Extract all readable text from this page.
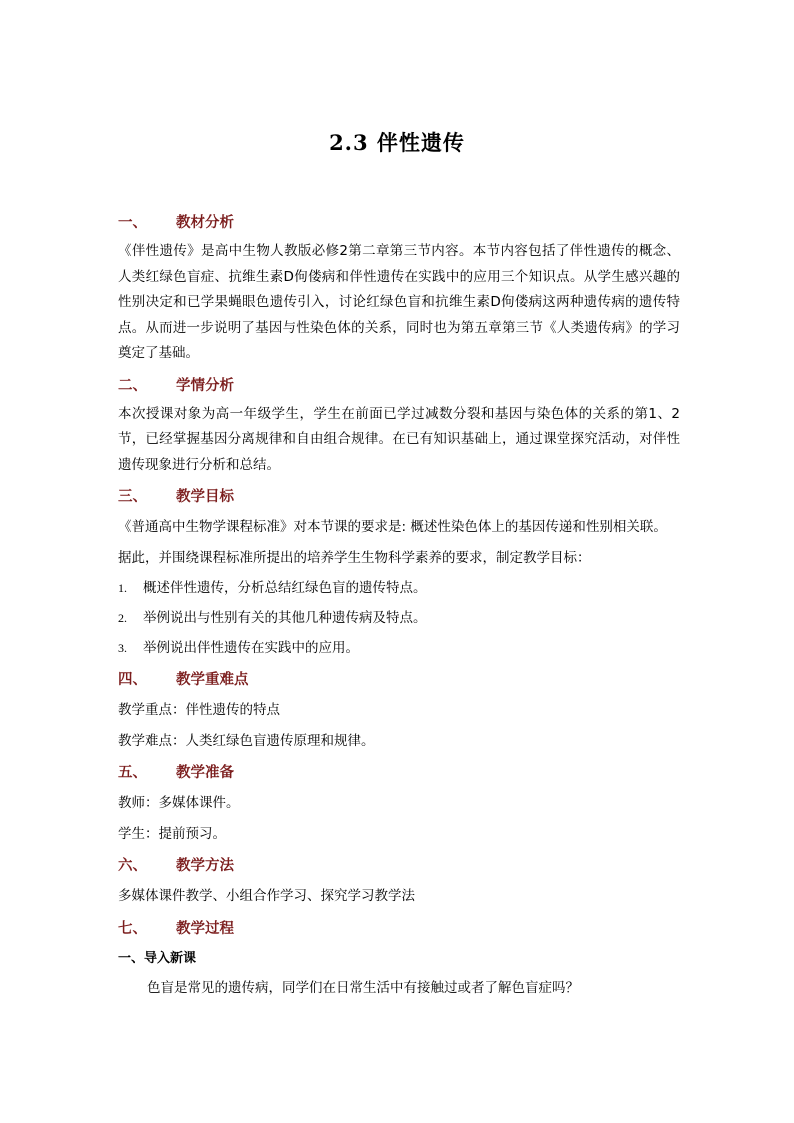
2.3 伴性遗传
一、	教材分析
《伴性遗传》是高中生物人教版必修2第二章第三节内容。本节内容包括了伴性遗传的概念、人类红绿色盲症、抗维生素D佝偻病和伴性遗传在实践中的应用三个知识点。从学生感兴趣的性别决定和已学果蝇眼色遗传引入，讨论红绿色盲和抗维生素D佝偻病这两种遗传病的遗传特点。从而进一步说明了基因与性染色体的关系，同时也为第五章第三节《人类遗传病》的学习奠定了基础。
二、	学情分析
本次授课对象为高一年级学生，学生在前面已学过减数分裂和基因与染色体的关系的第1、2节，已经掌握基因分离规律和自由组合规律。在已有知识基础上，通过课堂探究活动，对伴性遗传现象进行分析和总结。
三、	教学目标
《普通高中生物学课程标准》对本节课的要求是: 概述性染色体上的基因传递和性别相关联。
据此，并围绕课程标准所提出的培养学生生物科学素养的要求，制定教学目标：
1.	概述伴性遗传，分析总结红绿色盲的遗传特点。
2.	举例说出与性别有关的其他几种遗传病及特点。
3.	举例说出伴性遗传在实践中的应用。
四、	教学重难点
教学重点：伴性遗传的特点
教学难点：人类红绿色盲遗传原理和规律。
五、	教学准备
教师：多媒体课件。
学生：提前预习。
六、	教学方法
多媒体课件教学、小组合作学习、探究学习教学法
七、	教学过程
一、导入新课
色盲是常见的遗传病，同学们在日常生活中有接触过或者了解色盲症吗？
